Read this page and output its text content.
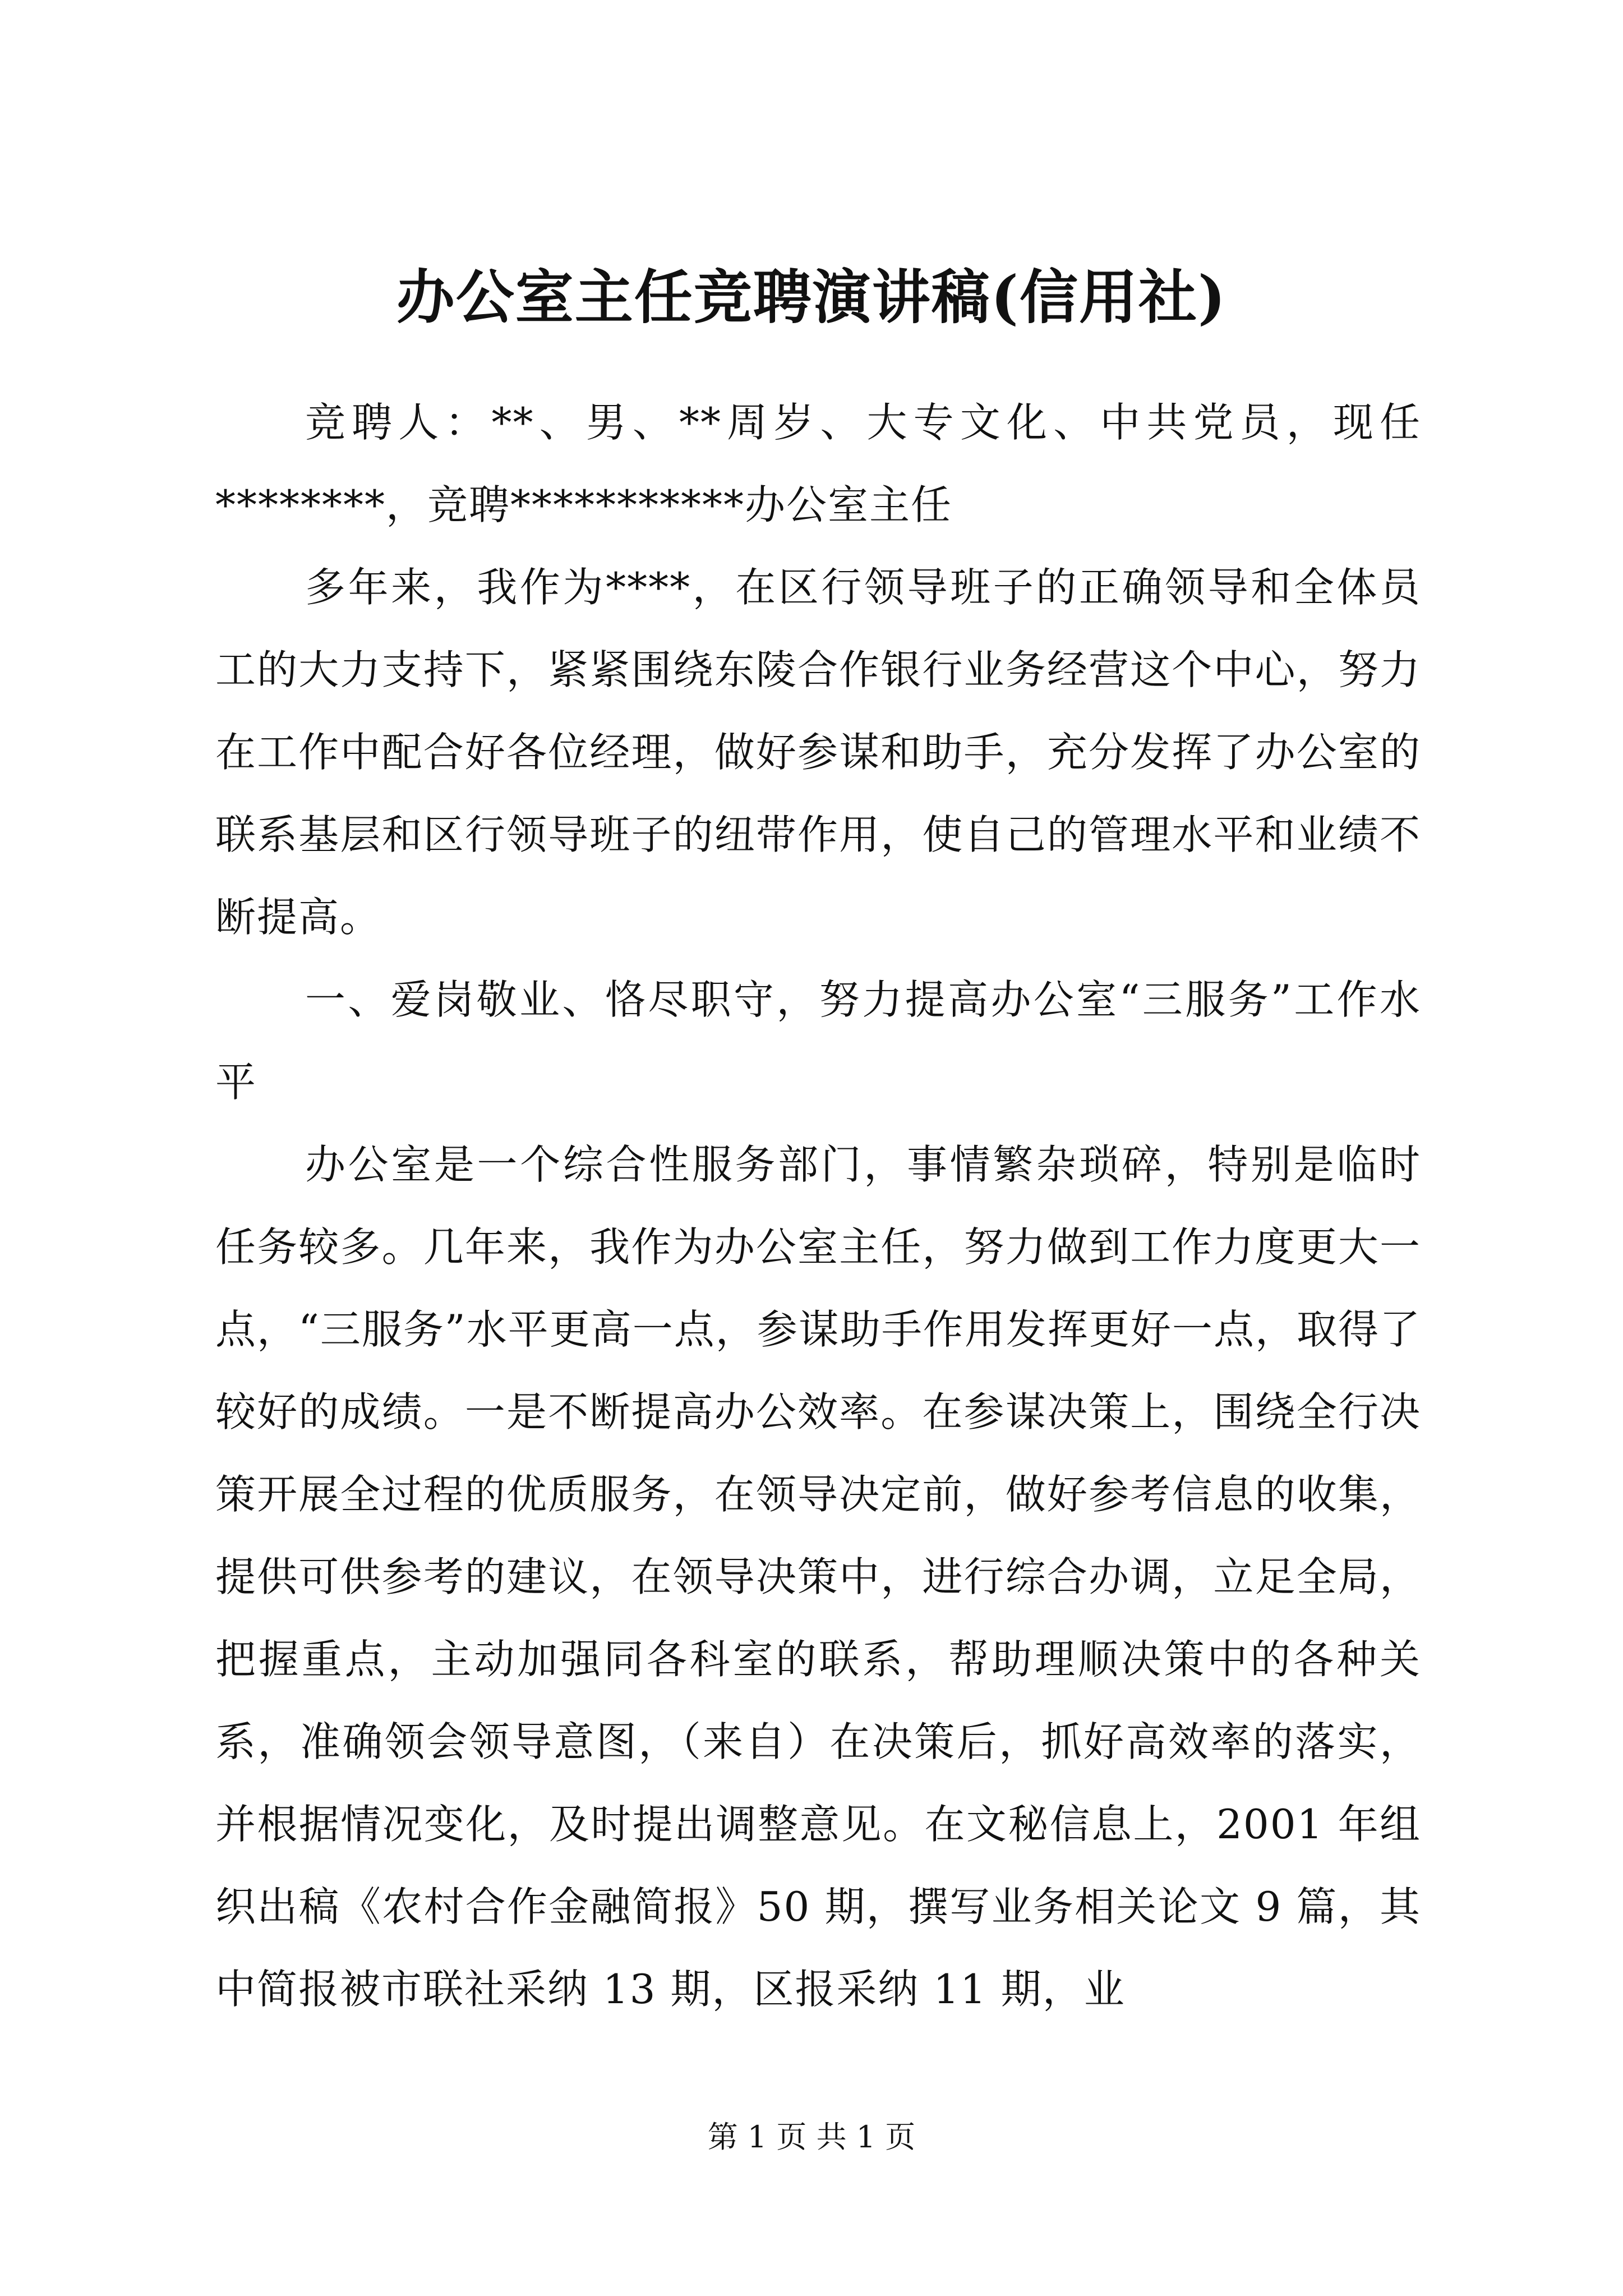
办公室主任竞聘演讲稿(信用社)

竞聘人：**、男、**周岁、大专文化、中共党员，现任********，竞聘***********办公室主任

多年来，我作为****，在区行领导班子的正确领导和全体员工的大力支持下，紧紧围绕东陵合作银行业务经营这个中心，努力在工作中配合好各位经理，做好参谋和助手，充分发挥了办公室的联系基层和区行领导班子的纽带作用，使自己的管理水平和业绩不断提高。

一、爱岗敬业、恪尽职守，努力提高办公室“三服务”工作水平

办公室是一个综合性服务部门，事情繁杂琐碎，特别是临时任务较多。几年来，我作为办公室主任，努力做到工作力度更大一点，“三服务”水平更高一点，参谋助手作用发挥更好一点，取得了较好的成绩。一是不断提高办公效率。在参谋决策上，围绕全行决策开展全过程的优质服务，在领导决定前，做好参考信息的收集，提供可供参考的建议，在领导决策中，进行综合办调，立足全局，把握重点，主动加强同各科室的联系，帮助理顺决策中的各种关系，准确领会领导意图，（来自）在决策后，抓好高效率的落实，并根据情况变化，及时提出调整意见。在文秘信息上，2001 年组织出稿《农村合作金融简报》50 期，撰写业务相关论文 9 篇，其中简报被市联社采纳 13 期，区报采纳 11 期，业

第 1 页 共 1 页
